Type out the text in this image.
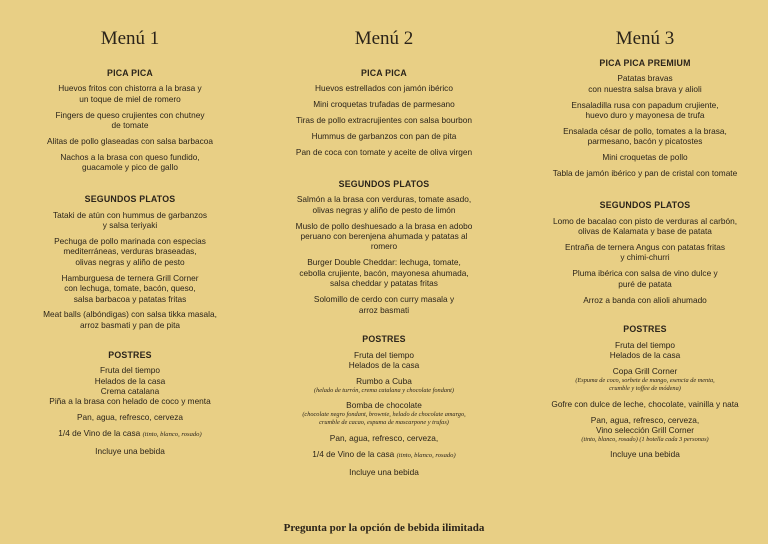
Menú 1
PICA PICA
Huevos fritos con chistorra a la brasa y
un toque de miel de romero
Fingers de queso crujientes con chutney
de tomate
Alitas de pollo glaseadas con salsa barbacoa
Nachos a la brasa con queso fundido,
guacamole y pico de gallo
SEGUNDOS PLATOS
Tataki de atún con hummus de garbanzos
y salsa teriyaki
Pechuga de pollo marinada con especias
mediterráneas, verduras braseadas,
olivas negras y aliño de pesto
Hamburguesa de ternera Grill Corner
con lechuga, tomate, bacón, queso,
salsa barbacoa y patatas fritas
Meat balls (albóndigas) con salsa tikka masala,
arroz basmati y pan de pita
POSTRES
Fruta del tiempo
Helados de la casa
Crema catalana
Piña a la brasa con helado de coco y menta
Pan, agua, refresco, cerveza
1/4 de Vino de la casa (tinto, blanco, rosado)
Incluye una bebida
Menú 2
PICA PICA
Huevos estrellados con jamón ibérico
Mini croquetas trufadas de parmesano
Tiras de pollo extracrujientes con salsa bourbon
Hummus de garbanzos con pan de pita
Pan de coca con tomate y aceite de oliva virgen
SEGUNDOS PLATOS
Salmón a la brasa con verduras, tomate asado,
olivas negras y aliño de pesto de limón
Muslo de pollo deshuesado a la brasa en adobo
peruano con berenjena ahumada y patatas al
romero
Burger Double Cheddar: lechuga, tomate,
cebolla crujiente, bacón, mayonesa ahumada,
salsa cheddar y patatas fritas
Solomillo de cerdo con curry masala y
arroz basmati
POSTRES
Fruta del tiempo
Helados de la casa
Rumbo a Cuba
(helado de turrón, crema catalana y chocolate fondant)
Bomba de chocolate
(chocolate negro fondant, brownie, helado de chocolate amargo,
crumble de cacao, espuma de mascarpone y trufas)
Pan, agua, refresco, cerveza,
1/4 de Vino de la casa (tinto, blanco, rosado)
Incluye una bebida
Menú 3
PICA PICA PREMIUM
Patatas bravas
con nuestra salsa brava y alioli
Ensaladilla rusa con papadum crujiente,
huevo duro y mayonesa de trufa
Ensalada césar de pollo, tomates a la brasa,
parmesano, bacón y picatostes
Mini croquetas de pollo
Tabla de jamón ibérico y pan de cristal con tomate
SEGUNDOS PLATOS
Lomo de bacalao con pisto de verduras al carbón,
olivas de Kalamata y base de patata
Entraña de ternera Angus con patatas fritas
y chimi-churri
Pluma ibérica con salsa de vino dulce y
puré de patata
Arroz a banda con alioli ahumado
POSTRES
Fruta del tiempo
Helados de la casa
Copa Grill Corner
(Espuma de coco, sorbete de mango, esencia de menta,
crumble y toffee de módena)
Gofre con dulce de leche, chocolate, vainilla y nata
Pan, agua, refresco, cerveza,
Vino selección Grill Corner
(tinto, blanco, rosado) (1 botella cada 3 personas)
Incluye una bebida
Pregunta por la opción de bebida ilimitada
